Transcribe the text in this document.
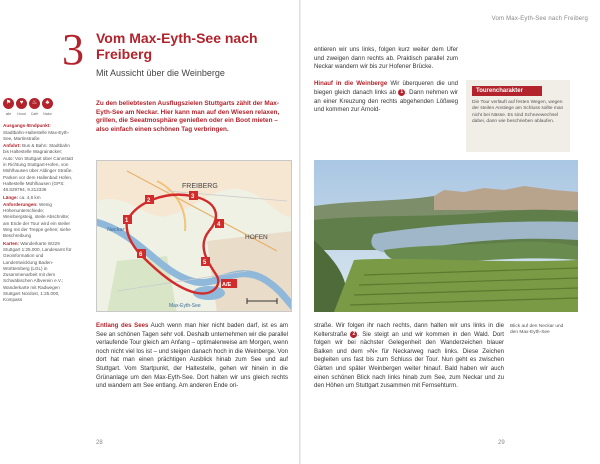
3 Vom Max-Eyth-See nach Freiberg
Mit Aussicht über die Weinberge
⚑	♥	♨	♣
alle	Hund	Café	Natur
Ausgangs-/Endpunkt: Stadtbahn-Haltestelle Max-Eyth-See, Martinstraße
Anfahrt: Bus & Bahn: Stadtbahn bis Haltestelle Wagrainäcker; Auto: Von Stuttgart über Cannstatt in Richtung Stuttgart-Hofen, von Mühlhausen über Aldinger Straße. Parken vor dem Hallenbad Hofen, Haltestelle Mühlhausen (GPS: 48.829794, 9.212336
Länge: ca. 4,6 km
Anforderungen: Wenig Höhenunterschiede; Weinbergsteig, steile Abschnitte; am Ende der Tour wird ein steiler Weg mit der Treppe gehen; siehe Beschreibung
Karten: Wanderkarte W229 Stuttgart 1:25.000, Landesamt für Geoinformation und Landentwicklung Baden-Württemberg (LGL) in Zusammenarbeit mit dem Schwäbischen Albverein e.V.; Wanderkarte mit Radwegen Stuttgart Nordost, 1:25.000, Kompass
Zu den beliebtesten Ausflugszielen Stuttgarts zählt der Max-Eyth-See am Neckar. Hier kann man auf den Wiesen relaxen, grillen, die Seeatmosphäre genießen oder ein Boot mieten – also einfach einen schönen Tag verbringen.
FREIBERG
HOFEN
Neckar
Max-Eyth-See
1
2
3
4
5
6
A/E
Entlang des Sees Auch wenn man hier nicht baden darf, ist es am See an schönen Tagen sehr voll. Deshalb unternehmen wir die parallel verlaufende Tour gleich am Anfang – optimalerweise am Morgen, wenn noch nicht viel los ist – und steigen danach hoch in die Weinberge. Von dort hat man einen prächtigen Ausblick hinab zum See und auf Stuttgart. Vom Startpunkt, der Haltestelle, gehen wir hinein in die Grünanlage um den Max-Eyth-See. Dort halten wir uns gleich rechts und wandern am See entlang. Am anderen Ende ori-
28
Vom Max-Eyth-See nach Freiberg
entieren wir uns links, folgen kurz weiter dem Ufer und zweigen dann rechts ab. Praktisch parallel zum Neckar wandern wir bis zur Hofener Brücke.

Hinauf in die Weinberge Wir überqueren die und biegen gleich danach links ab 1 . Dann nehmen wir an einer Kreuzung den rechts abgehenden Lößweg und kommen zur Arnold-
Tourencharakter
Die Tour verläuft auf festen Wegen, wegen der steilen Anstiege am Schluss sollte man nicht bei Nässe. Es sind Schneewechsel dabei, dann wie beschrieben ablaufen.
Blick auf den Neckar und den Max-Eyth-See
straße. Wir folgen ihr nach rechts, dann halten wir uns links in die Kelterstraße 2 . Sie steigt an und wir kommen in den Wald. Dort folgen wir bei nächster Gelegenheit den Wanderzeichen blauer Balken und dem »N« für Neckarweg nach links. Diese Zeichen begleiten uns fast bis zum Schluss der Tour. Nun geht es zwischen Gärten und später Weinbergen weiter hinauf. Bald haben wir auch einen schönen Blick nach links hinab zum See, zum Neckar und zu den Höhen um Stuttgart zusammen mit Fernsehturm.
29
